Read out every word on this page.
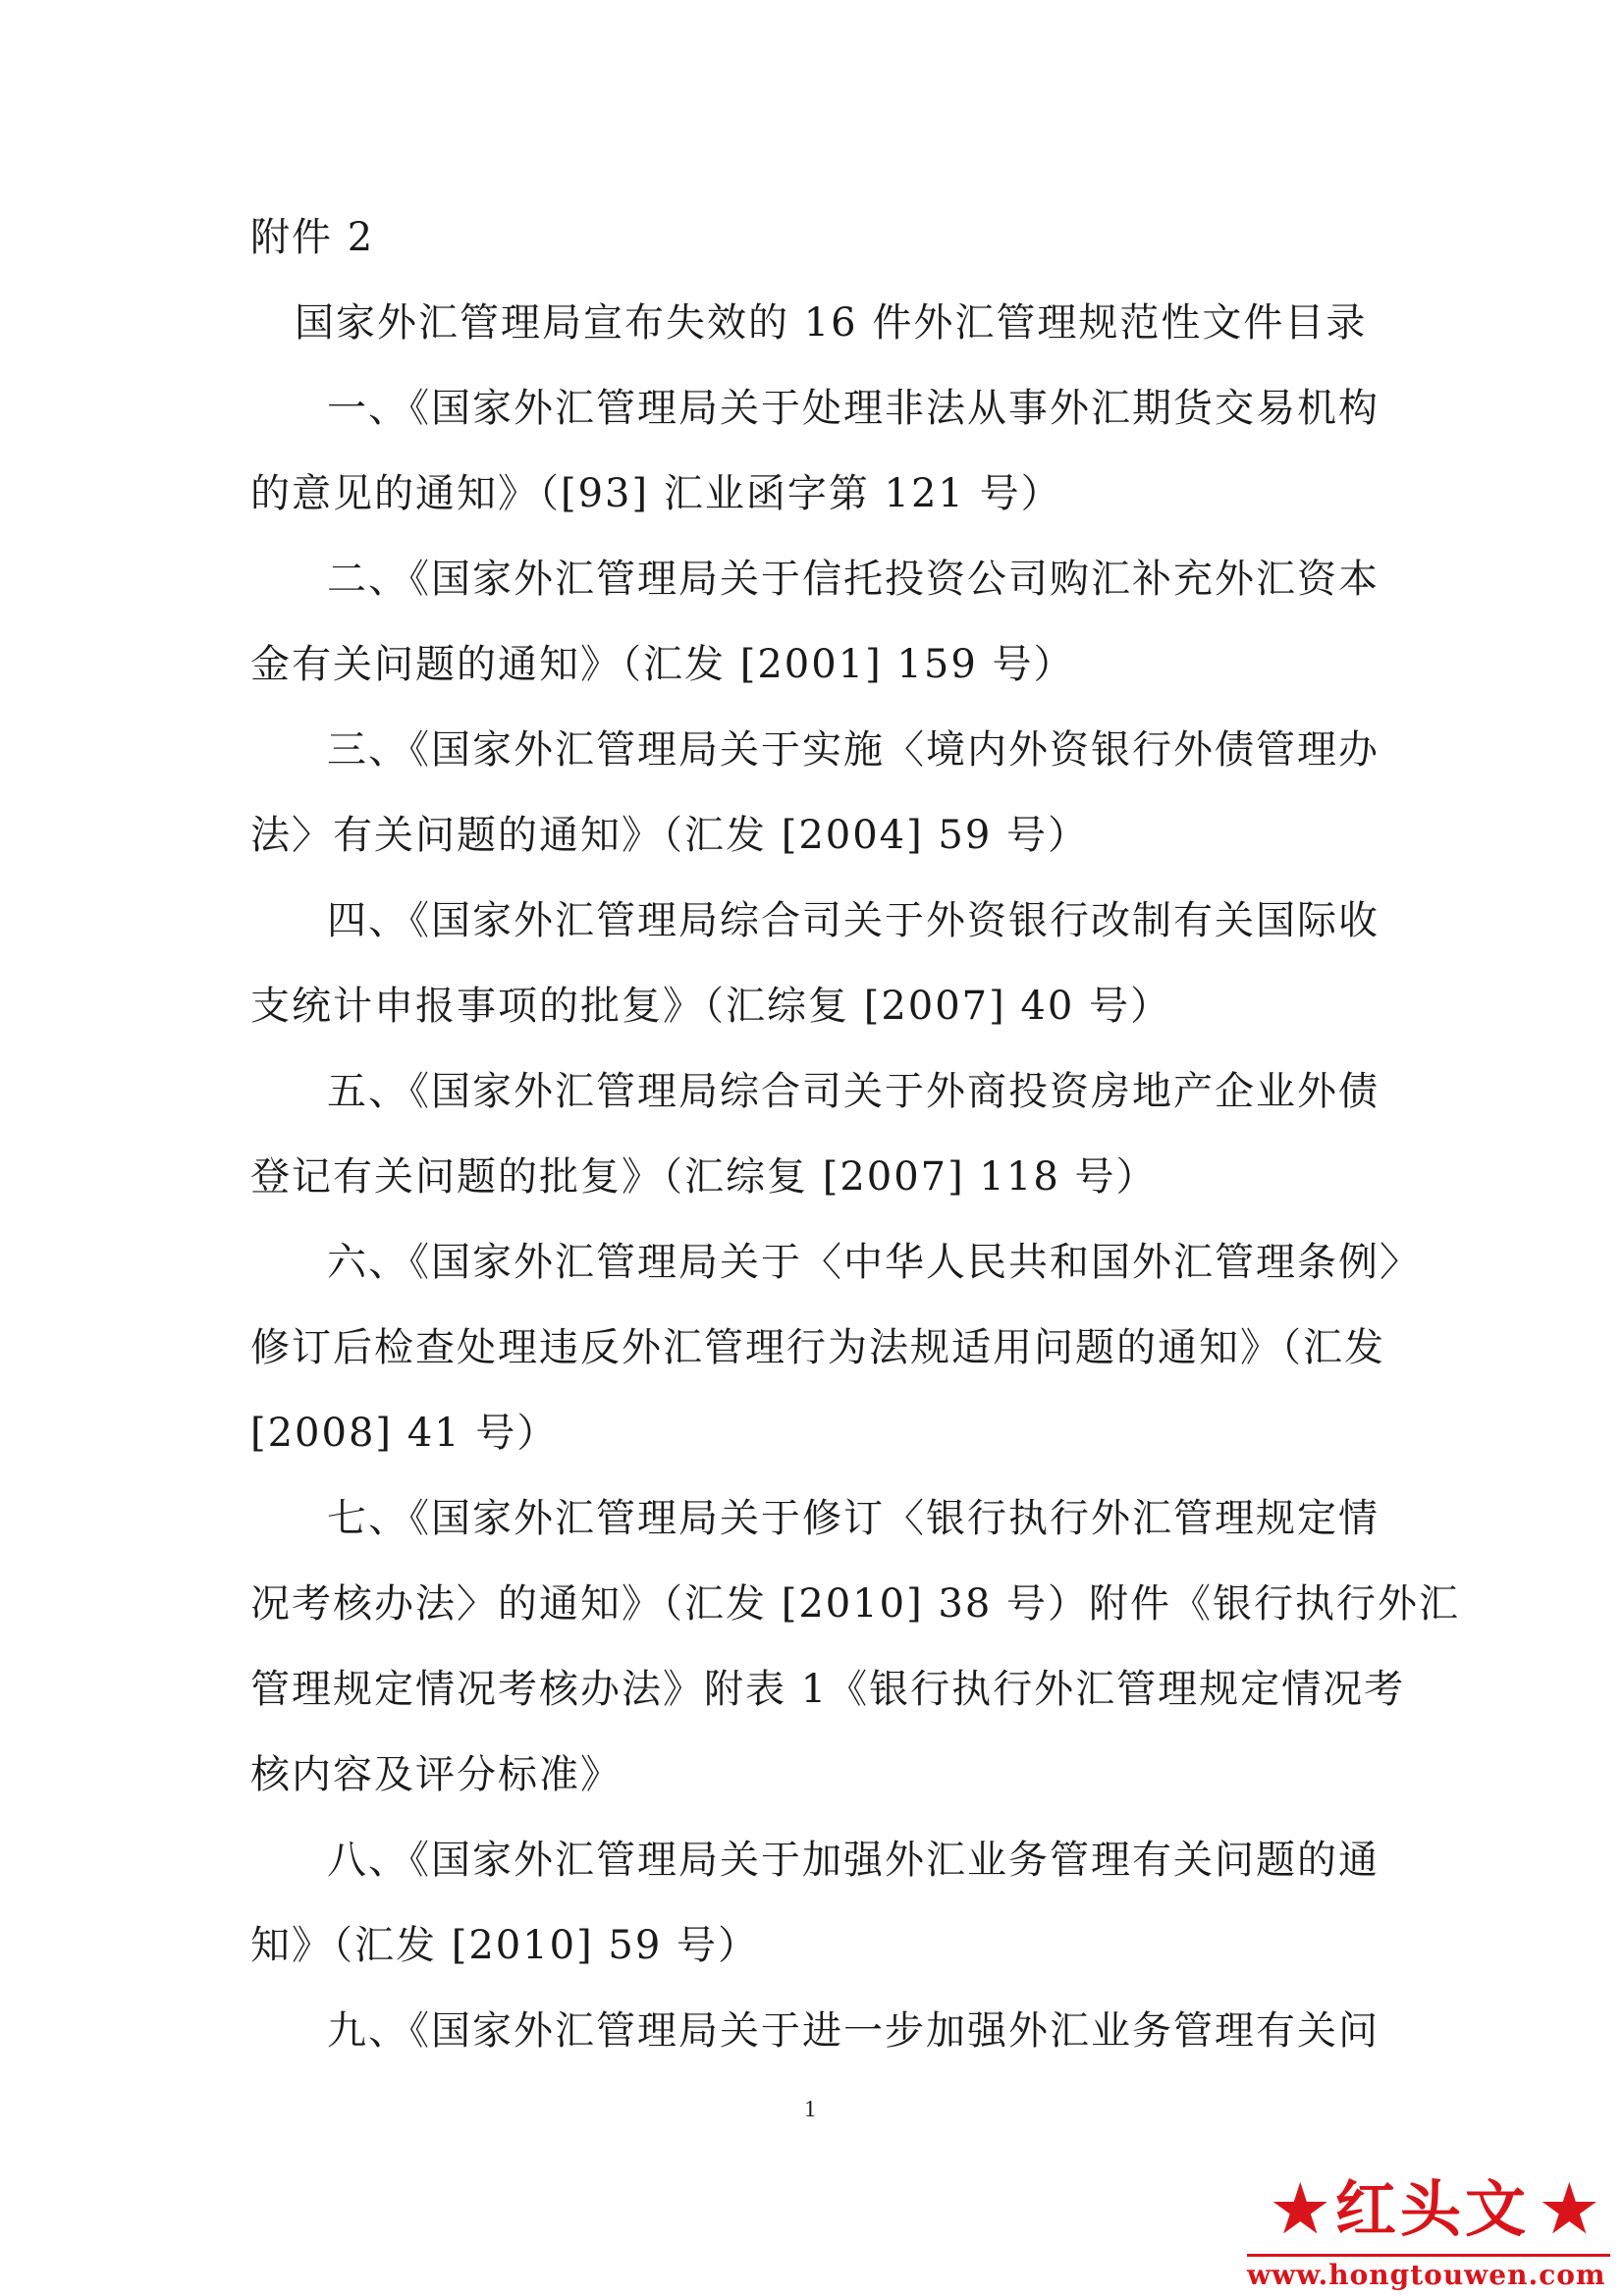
附件 2
国家外汇管理局宣布失效的 16 件外汇管理规范性文件目录
一、《国家外汇管理局关于处理非法从事外汇期货交易机构
的意见的通知》（[93] 汇业函字第 121 号）
二、《国家外汇管理局关于信托投资公司购汇补充外汇资本
金有关问题的通知》（汇发 [2001] 159 号）
三、《国家外汇管理局关于实施〈境内外资银行外债管理办
法〉有关问题的通知》（汇发 [2004] 59 号）
四、《国家外汇管理局综合司关于外资银行改制有关国际收
支统计申报事项的批复》（汇综复 [2007] 40 号）
五、《国家外汇管理局综合司关于外商投资房地产企业外债
登记有关问题的批复》（汇综复 [2007] 118 号）
六、《国家外汇管理局关于〈中华人民共和国外汇管理条例〉
修订后检查处理违反外汇管理行为法规适用问题的通知》（汇发
[2008] 41 号）
七、《国家外汇管理局关于修订〈银行执行外汇管理规定情
况考核办法〉的通知》（汇发 [2010] 38 号）附件《银行执行外汇
管理规定情况考核办法》附表 1《银行执行外汇管理规定情况考
核内容及评分标准》
八、《国家外汇管理局关于加强外汇业务管理有关问题的通
知》（汇发 [2010] 59 号）
九、《国家外汇管理局关于进一步加强外汇业务管理有关问
1
★ 红头文 ★
www.hongtouwen.com
